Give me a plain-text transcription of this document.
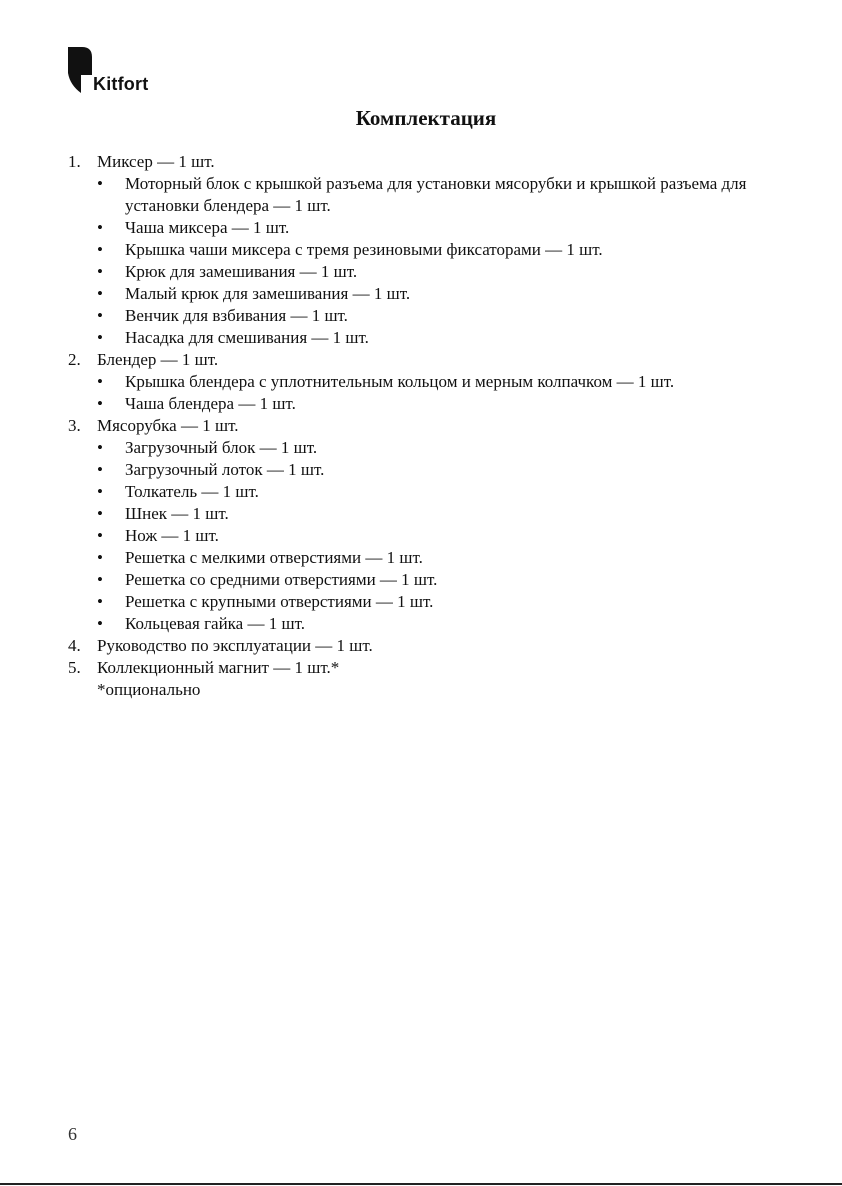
Kitfort
Комплектация
1. Миксер — 1 шт.
•	Моторный блок с крышкой разъема для установки мясорубки и крышкой разъема для установки блендера — 1 шт.
•	Чаша миксера — 1 шт.
•	Крышка чаши миксера с тремя резиновыми фиксаторами — 1 шт.
•	Крюк для замешивания — 1 шт.
•	Малый крюк для замешивания — 1 шт.
•	Венчик для взбивания — 1 шт.
•	Насадка для смешивания — 1 шт.
2. Блендер — 1 шт.
•	Крышка блендера с уплотнительным кольцом и мерным колпачком — 1 шт.
•	Чаша блендера — 1 шт.
3. Мясорубка — 1 шт.
•	Загрузочный блок — 1 шт.
•	Загрузочный лоток — 1 шт.
•	Толкатель — 1 шт.
•	Шнек — 1 шт.
•	Нож — 1 шт.
•	Решетка с мелкими отверстиями — 1 шт.
•	Решетка со средними отверстиями — 1 шт.
•	Решетка с крупными отверстиями — 1 шт.
•	Кольцевая гайка — 1 шт.
4. Руководство по эксплуатации — 1 шт.
5. Коллекционный магнит — 1 шт.*
*опционально
6
